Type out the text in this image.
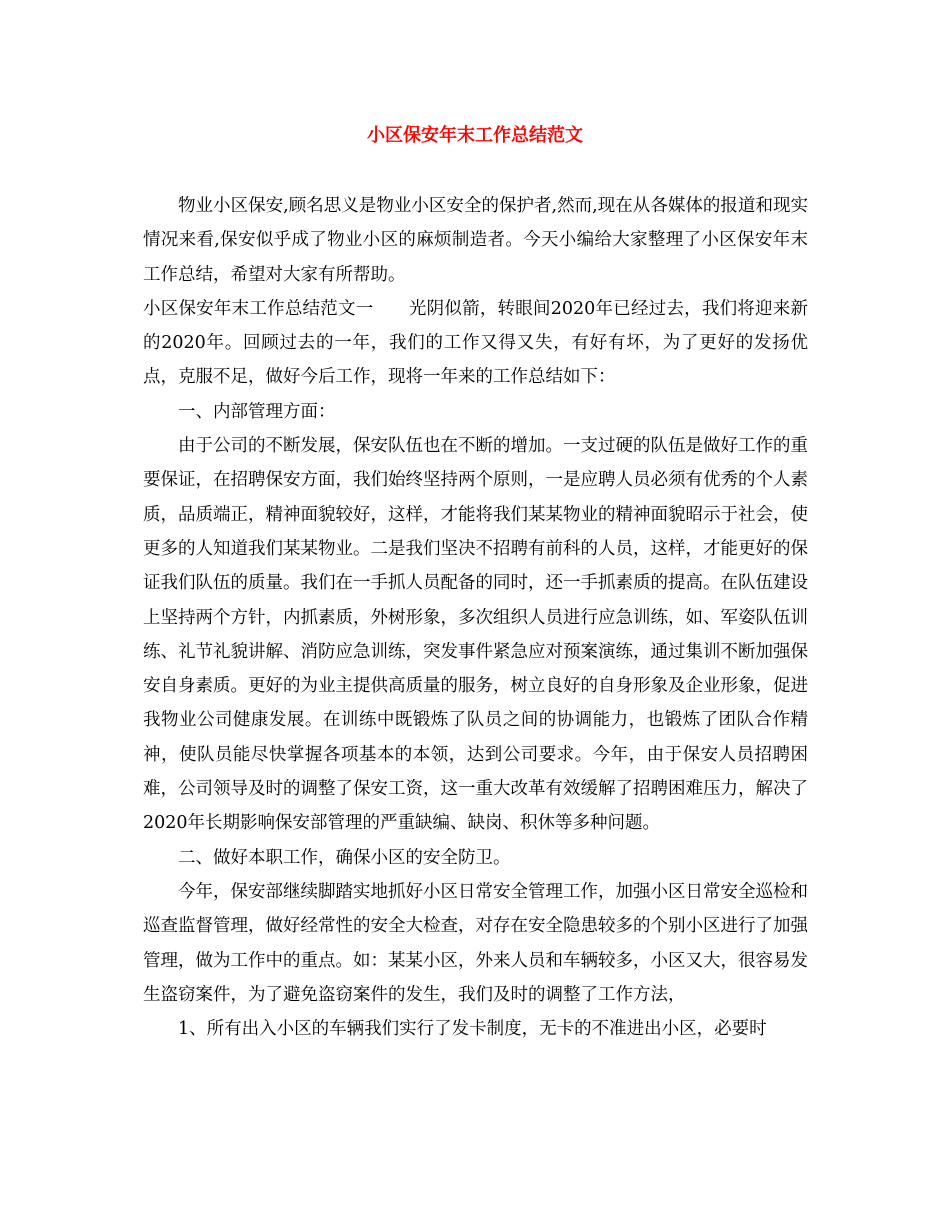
小区保安年末工作总结范文

物业小区保安,顾名思义是物业小区安全的保护者,然而,现在从各媒体的报道和现实情况来看,保安似乎成了物业小区的麻烦制造者。今天小编给大家整理了小区保安年末工作总结，希望对大家有所帮助。

小区保安年末工作总结范文一　　光阴似箭，转眼间2020年已经过去，我们将迎来新的2020年。回顾过去的一年，我们的工作又得又失，有好有坏，为了更好的发扬优点，克服不足，做好今后工作，现将一年来的工作总结如下：

一、内部管理方面：

由于公司的不断发展，保安队伍也在不断的增加。一支过硬的队伍是做好工作的重要保证，在招聘保安方面，我们始终坚持两个原则，一是应聘人员必须有优秀的个人素质，品质端正，精神面貌较好，这样，才能将我们某某物业的精神面貌昭示于社会，使更多的人知道我们某某物业。二是我们坚决不招聘有前科的人员，这样，才能更好的保证我们队伍的质量。我们在一手抓人员配备的同时，还一手抓素质的提高。在队伍建设上坚持两个方针，内抓素质，外树形象，多次组织人员进行应急训练，如、军姿队伍训练、礼节礼貌讲解、消防应急训练，突发事件紧急应对预案演练，通过集训不断加强保安自身素质。更好的为业主提供高质量的服务，树立良好的自身形象及企业形象，促进我物业公司健康发展。在训练中既锻炼了队员之间的协调能力，也锻炼了团队合作精神，使队员能尽快掌握各项基本的本领，达到公司要求。今年，由于保安人员招聘困难，公司领导及时的调整了保安工资，这一重大改革有效缓解了招聘困难压力，解决了2020年长期影响保安部管理的严重缺编、缺岗、积休等多种问题。

二、做好本职工作，确保小区的安全防卫。

今年，保安部继续脚踏实地抓好小区日常安全管理工作，加强小区日常安全巡检和巡查监督管理，做好经常性的安全大检查，对存在安全隐患较多的个别小区进行了加强管理，做为工作中的重点。如：某某小区，外来人员和车辆较多，小区又大，很容易发生盗窃案件，为了避免盗窃案件的发生，我们及时的调整了工作方法，

1、所有出入小区的车辆我们实行了发卡制度，无卡的不准进出小区，必要时
